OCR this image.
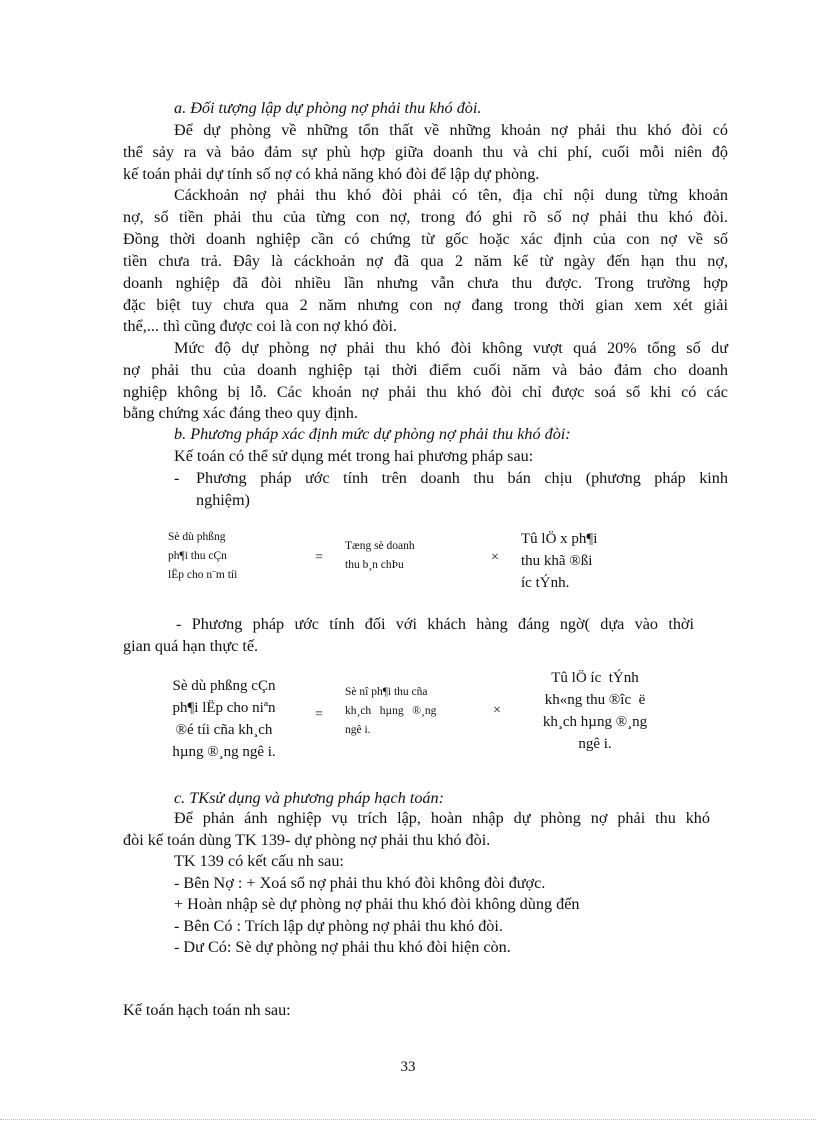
a. Đối tượng lập dự phòng nợ phải thu khó đòi.
Để dự phòng về những tổn thất về những khoản nợ phải thu khó đòi có
thể sảy ra và bảo đảm sự phù hợp giữa doanh thu và chi phí, cuối mỗi niên độ
kế toán phải dự tính số nợ có khả năng khó đòi để lập dự phòng.
Cáckhoản nợ phải thu khó đòi phải có tên, địa chỉ nội dung từng khoản
nợ, số tiền phải thu của từng con nợ, trong đó ghi rõ số nợ phải thu khó đòi.
Đồng thời doanh nghiệp cần có chứng từ gốc hoặc xác định của con nợ về số
tiền chưa trả. Đây là cáckhoản nợ đã qua 2 năm kể từ ngày đến hạn thu nợ,
doanh nghiệp đã đòi nhiều lần nhưng vẫn chưa thu được. Trong trường hợp
đặc biệt tuy chưa qua 2 năm nhưng con nợ đang trong thời gian xem xét giải
thể,... thì cũng được coi là con nợ khó đòi.
Mức độ dự phòng nợ phải thu khó đòi không vượt quá 20% tổng số dư
nợ phải thu của doanh nghiệp tại thời điểm cuối năm và bảo đảm cho doanh
nghiệp không bị lỗ. Các khoản nợ phải thu khó đòi chỉ được soá sổ khi có các
bằng chứng xác đáng theo quy định.
b. Phương pháp xác định mức dự phòng nợ phải thu khó đòi:
Kế toán có thể sử dụng mét trong hai phương pháp sau:
- Phương pháp ước tính trên doanh thu bán chịu (phương pháp kinh
nghiệm)
Sè dù phßng
ph¶i thu cÇn
lËp cho n¨m tíi
=
Tæng sè doanh
thu b¸n chÞu	×
Tû lÖ x ph¶i
thu khã ®ßi
íc tÝnh.
- Phương pháp ước tính đối với khách hàng đáng ngờ( dựa vào thời
gian quá hạn thực tế.
Sè dù phßng cÇn
ph¶i lËp cho niªn
®é tíi cña kh¸ch
hµng ®¸ng ngê i.
=
Sè nî ph¶i thu cña
kh¸ch   hµng   ®¸ng
ngê i.
×
Tû lÖ íc  tÝnh
kh«ng thu ®îc  ë
kh¸ch hµng ®¸ng
ngê i.
c. TKsử dụng và phương pháp hạch toán:
Để phản ánh nghiệp vụ trích lập, hoàn nhập dự phòng nợ phải thu khó
đòi kế toán dùng TK 139- dự phòng nợ phải thu khó đòi.
TK 139 có kết cấu nh sau:
- Bên Nợ : + Xoá sổ nợ phải thu khó đòi không đòi được.
+ Hoàn nhập sè dự phòng nợ phải thu khó đòi không dùng đến
- Bên Có : Trích lập dự phòng nợ phải thu khó đòi.
- Dư Có: Sè dự phòng nợ phải thu khó đòi hiện còn.
Kế toán hạch toán nh sau:
33
